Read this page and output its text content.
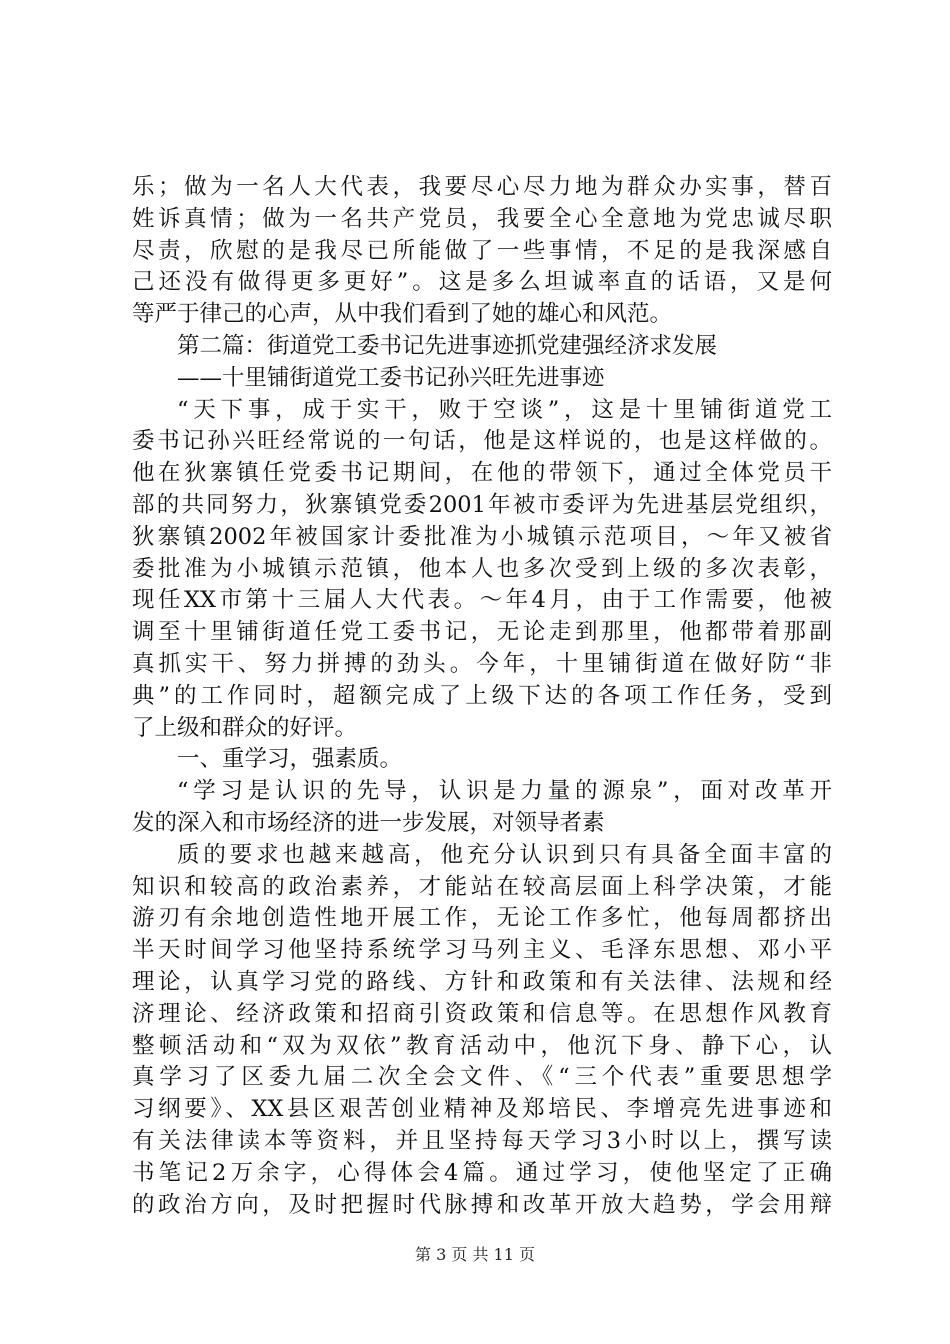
乐；做为一名人大代表，我要尽心尽力地为群众办实事，替百
姓诉真情；做为一名共产党员，我要全心全意地为党忠诚尽职
尽责，欣慰的是我尽已所能做了一些事情，不足的是我深感自
己还没有做得更多更好”。这是多么坦诚率直的话语，又是何
等严于律己的心声，从中我们看到了她的雄心和风范。
第二篇：街道党工委书记先进事迹抓党建强经济求发展
——十里铺街道党工委书记孙兴旺先进事迹
“天下事，成于实干，败于空谈”，这是十里铺街道党工
委书记孙兴旺经常说的一句话，他是这样说的，也是这样做的。
他在狄寨镇任党委书记期间，在他的带领下，通过全体党员干
部的共同努力，狄寨镇党委2001年被市委评为先进基层党组织，
狄寨镇2002年被国家计委批准为小城镇示范项目，～年又被省
委批准为小城镇示范镇，他本人也多次受到上级的多次表彰，
现任XX市第十三届人大代表。～年4月，由于工作需要，他被
调至十里铺街道任党工委书记，无论走到那里，他都带着那副
真抓实干、努力拼搏的劲头。今年，十里铺街道在做好防“非
典”的工作同时，超额完成了上级下达的各项工作任务，受到
了上级和群众的好评。
一、重学习，强素质。
“学习是认识的先导，认识是力量的源泉”，面对改革开
发的深入和市场经济的进一步发展，对领导者素
质的要求也越来越高，他充分认识到只有具备全面丰富的
知识和较高的政治素养，才能站在较高层面上科学决策，才能
游刃有余地创造性地开展工作，无论工作多忙，他每周都挤出
半天时间学习他坚持系统学习马列主义、毛泽东思想、邓小平
理论，认真学习党的路线、方针和政策和有关法律、法规和经
济理论、经济政策和招商引资政策和信息等。在思想作风教育
整顿活动和“双为双依”教育活动中，他沉下身、静下心，认
真学习了区委九届二次全会文件、《“三个代表”重要思想学
习纲要》、XX县区艰苦创业精神及郑培民、李增亮先进事迹和
有关法律读本等资料，并且坚持每天学习3小时以上，撰写读
书笔记2万余字，心得体会4篇。通过学习，使他坚定了正确
的政治方向，及时把握时代脉搏和改革开放大趋势，学会用辩
第 3 页 共 11 页
